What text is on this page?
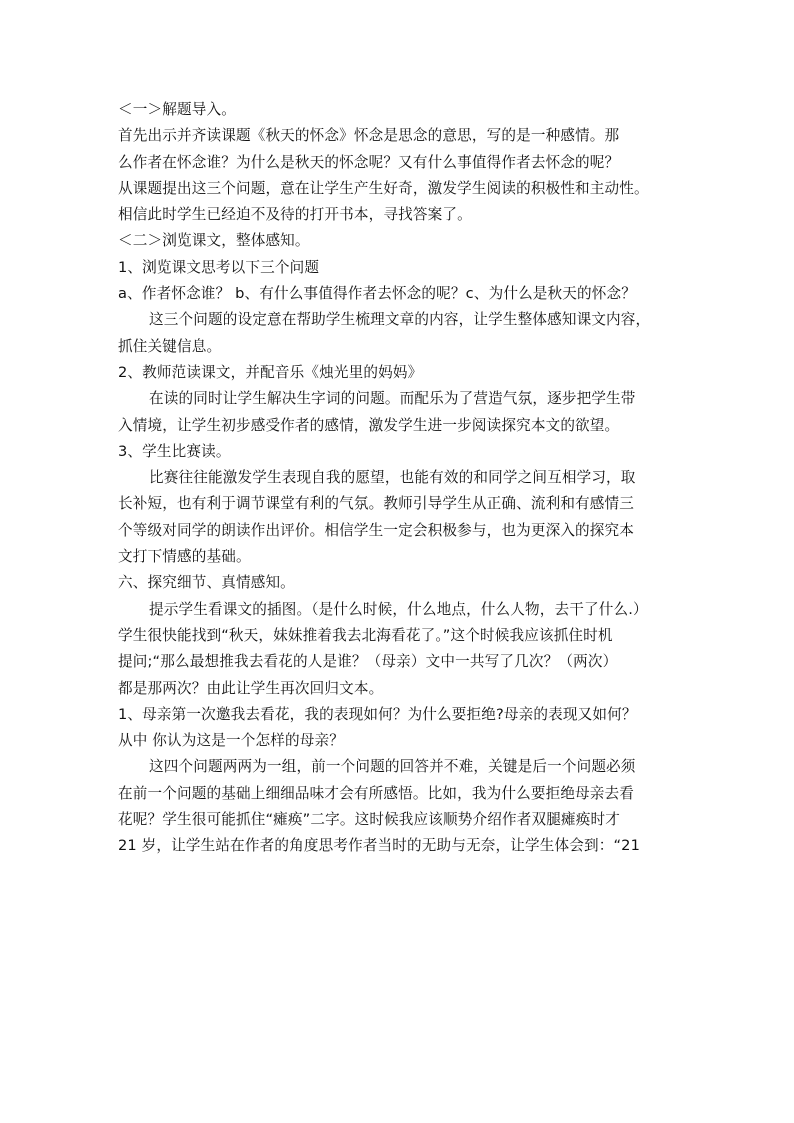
＜一＞解题导入。
首先出示并齐读课题《秋天的怀念》怀念是思念的意思，写的是一种感情。那
么作者在怀念谁？为什么是秋天的怀念呢？又有什么事值得作者去怀念的呢？
从课题提出这三个问题，意在让学生产生好奇，激发学生阅读的积极性和主动性。
相信此时学生已经迫不及待的打开书本，寻找答案了。
＜二＞浏览课文，整体感知。
1、浏览课文思考以下三个问题
a、作者怀念谁？ b、有什么事值得作者去怀念的呢？c、为什么是秋天的怀念？
这三个问题的设定意在帮助学生梳理文章的内容，让学生整体感知课文内容，
抓住关键信息。
2、教师范读课文，并配音乐《烛光里的妈妈》
在读的同时让学生解决生字词的问题。而配乐为了营造气氛，逐步把学生带
入情境，让学生初步感受作者的感情，激发学生进一步阅读探究本文的欲望。
3、学生比赛读。
比赛往往能激发学生表现自我的愿望，也能有效的和同学之间互相学习，取
长补短，也有利于调节课堂有利的气氛。教师引导学生从正确、流利和有感情三
个等级对同学的朗读作出评价。相信学生一定会积极参与，也为更深入的探究本
文打下情感的基础。
六、探究细节、真情感知。
提示学生看课文的插图。（是什么时候，什么地点，什么人物，去干了什么.）
学生很快能找到“秋天，妹妹推着我去北海看花了。”这个时候我应该抓住时机
提问;“那么最想推我去看花的人是谁？（母亲）文中一共写了几次？（两次）
都是那两次？由此让学生再次回归文本。
1、母亲第一次邀我去看花，我的表现如何？为什么要拒绝?母亲的表现又如何？
从中 你认为这是一个怎样的母亲？
这四个问题两两为一组，前一个问题的回答并不难，关键是后一个问题必须
在前一个问题的基础上细细品味才会有所感悟。比如，我为什么要拒绝母亲去看
花呢？学生很可能抓住“瘫痪”二字。这时候我应该顺势介绍作者双腿瘫痪时才
21 岁，让学生站在作者的角度思考作者当时的无助与无奈，让学生体会到：“21
